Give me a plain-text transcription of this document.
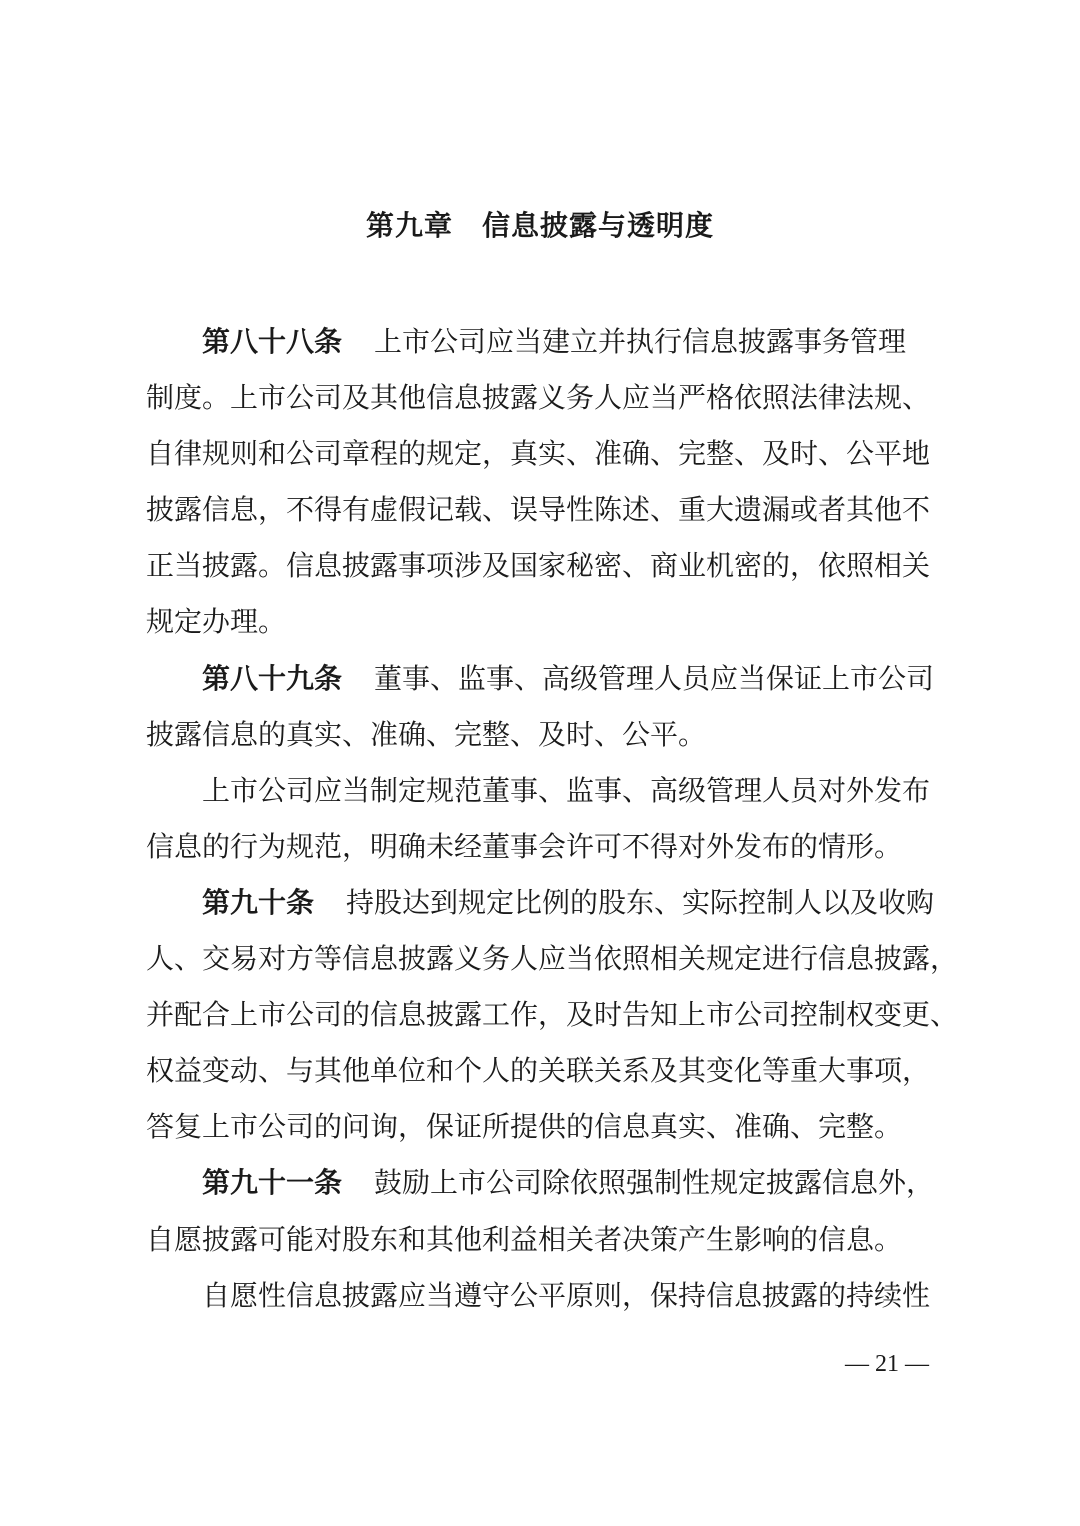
第九章　信息披露与透明度
第八十八条 上市公司应当建立并执行信息披露事务管理
制度。上市公司及其他信息披露义务人应当严格依照法律法规、
自律规则和公司章程的规定，真实、准确、完整、及时、公平地
披露信息，不得有虚假记载、误导性陈述、重大遗漏或者其他不
正当披露。信息披露事项涉及国家秘密、商业机密的，依照相关
规定办理。
第八十九条 董事、监事、高级管理人员应当保证上市公司
披露信息的真实、准确、完整、及时、公平。
上市公司应当制定规范董事、监事、高级管理人员对外发布
信息的行为规范，明确未经董事会许可不得对外发布的情形。
第九十条 持股达到规定比例的股东、实际控制人以及收购
人、交易对方等信息披露义务人应当依照相关规定进行信息披露，
并配合上市公司的信息披露工作，及时告知上市公司控制权变更、
权益变动、与其他单位和个人的关联关系及其变化等重大事项，
答复上市公司的问询，保证所提供的信息真实、准确、完整。
第九十一条 鼓励上市公司除依照强制性规定披露信息外，
自愿披露可能对股东和其他利益相关者决策产生影响的信息。
自愿性信息披露应当遵守公平原则，保持信息披露的持续性
— 21 —
